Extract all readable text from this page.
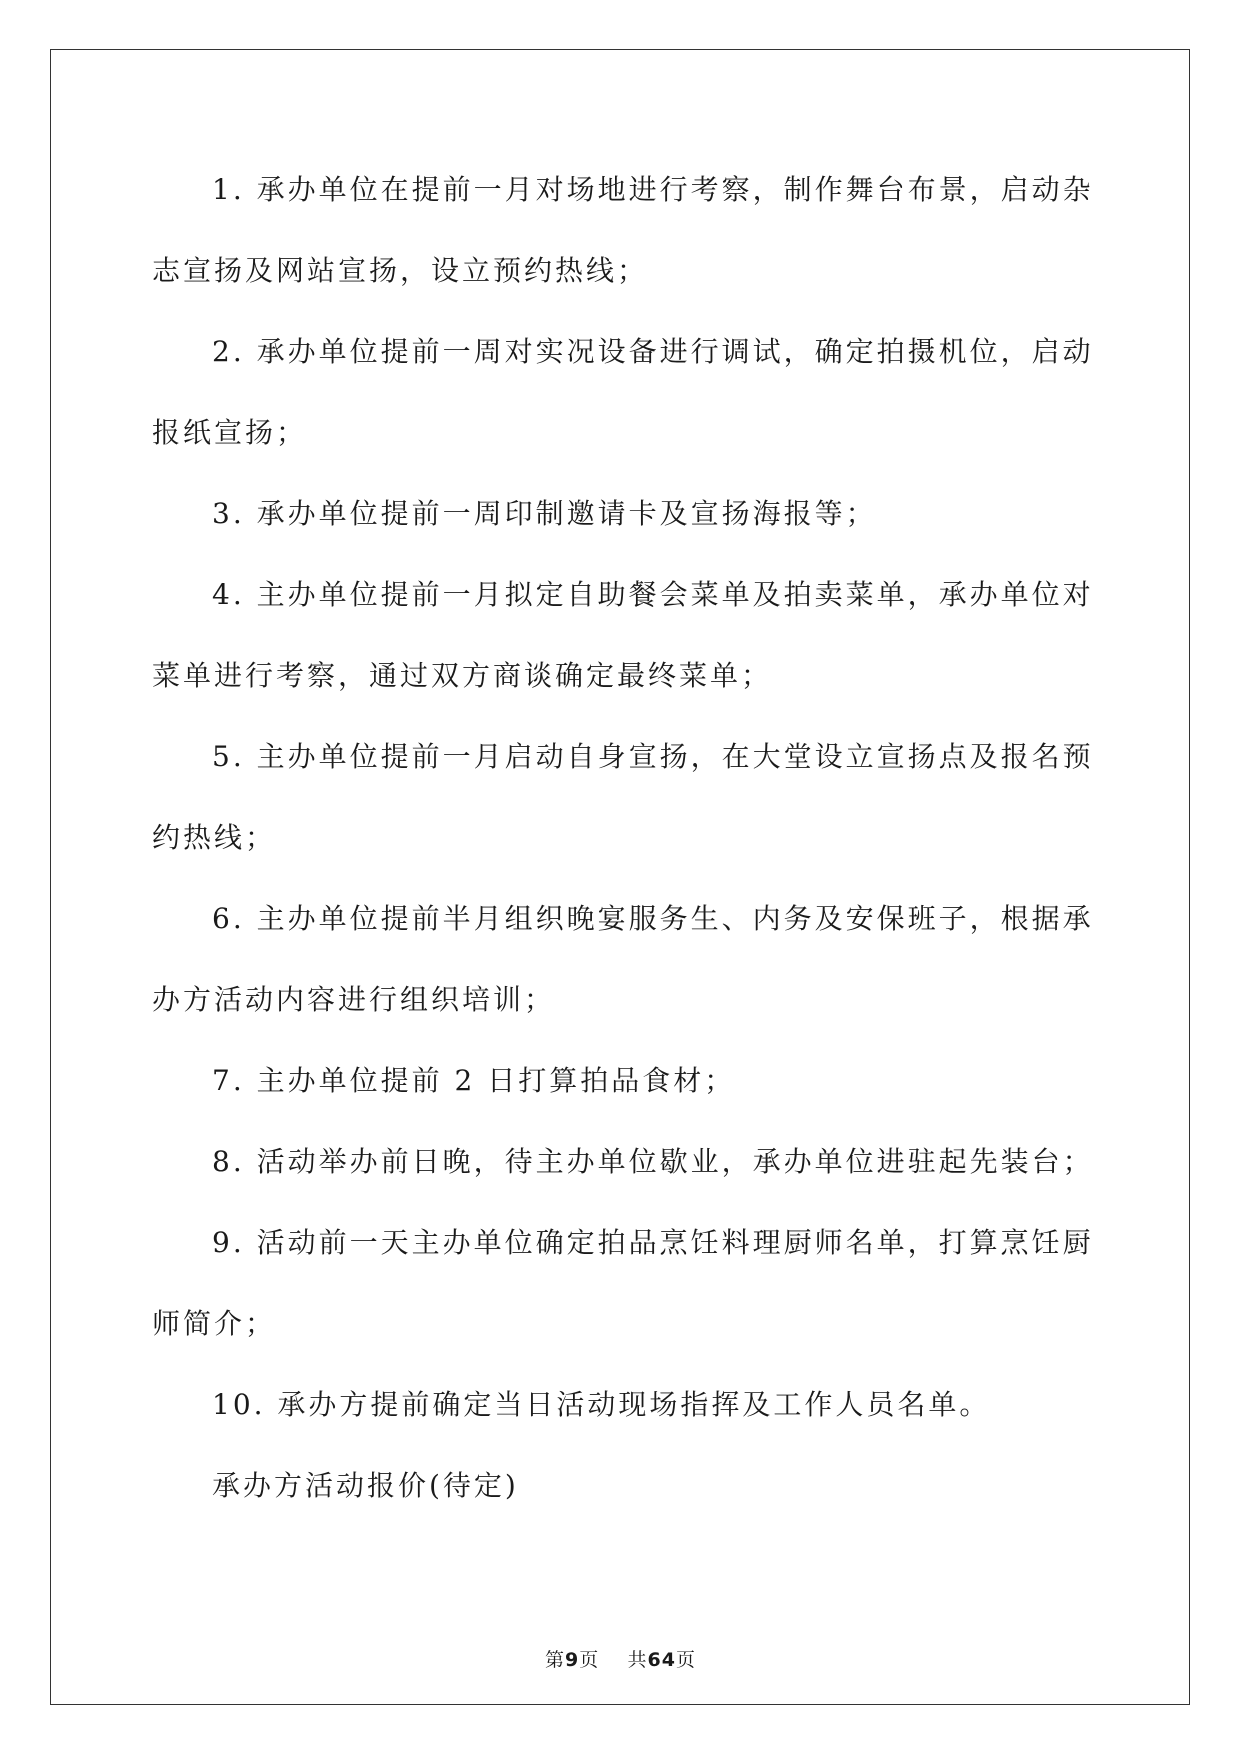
1. 承办单位在提前一月对场地进行考察，制作舞台布景，启动杂
志宣扬及网站宣扬，设立预约热线；
2. 承办单位提前一周对实况设备进行调试，确定拍摄机位，启动
报纸宣扬；
3. 承办单位提前一周印制邀请卡及宣扬海报等；
4. 主办单位提前一月拟定自助餐会菜单及拍卖菜单，承办单位对
菜单进行考察，通过双方商谈确定最终菜单；
5. 主办单位提前一月启动自身宣扬，在大堂设立宣扬点及报名预
约热线；
6. 主办单位提前半月组织晚宴服务生、内务及安保班子，根据承
办方活动内容进行组织培训；
7. 主办单位提前 2 日打算拍品食材；
8. 活动举办前日晚，待主办单位歇业，承办单位进驻起先装台；
9. 活动前一天主办单位确定拍品烹饪料理厨师名单，打算烹饪厨
师简介；
10. 承办方提前确定当日活动现场指挥及工作人员名单。
承办方活动报价(待定)
第9页 共64页
